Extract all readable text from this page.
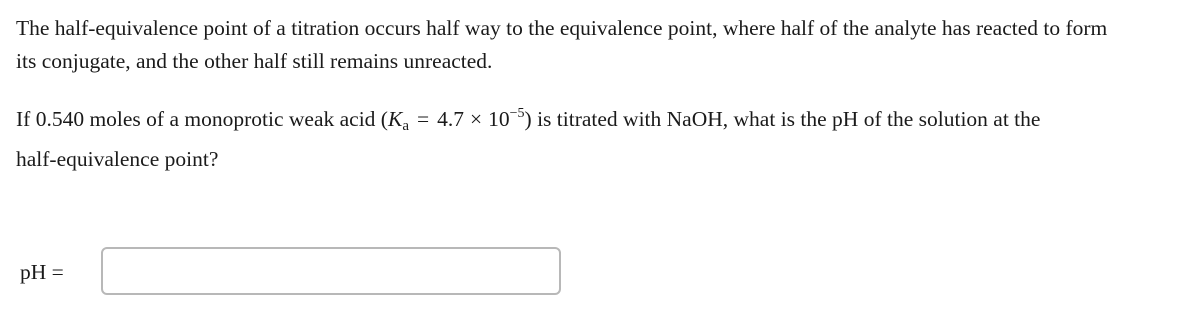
The half-equivalence point of a titration occurs half way to the equivalence point, where half of the analyte has reacted to form
its conjugate, and the other half still remains unreacted.

If 0.540 moles of a monoprotic weak acid $(K_a = 4.7 \times 10^{-5})$ is titrated with NaOH, what is the pH of the solution at the
half-equivalence point?

pH =
